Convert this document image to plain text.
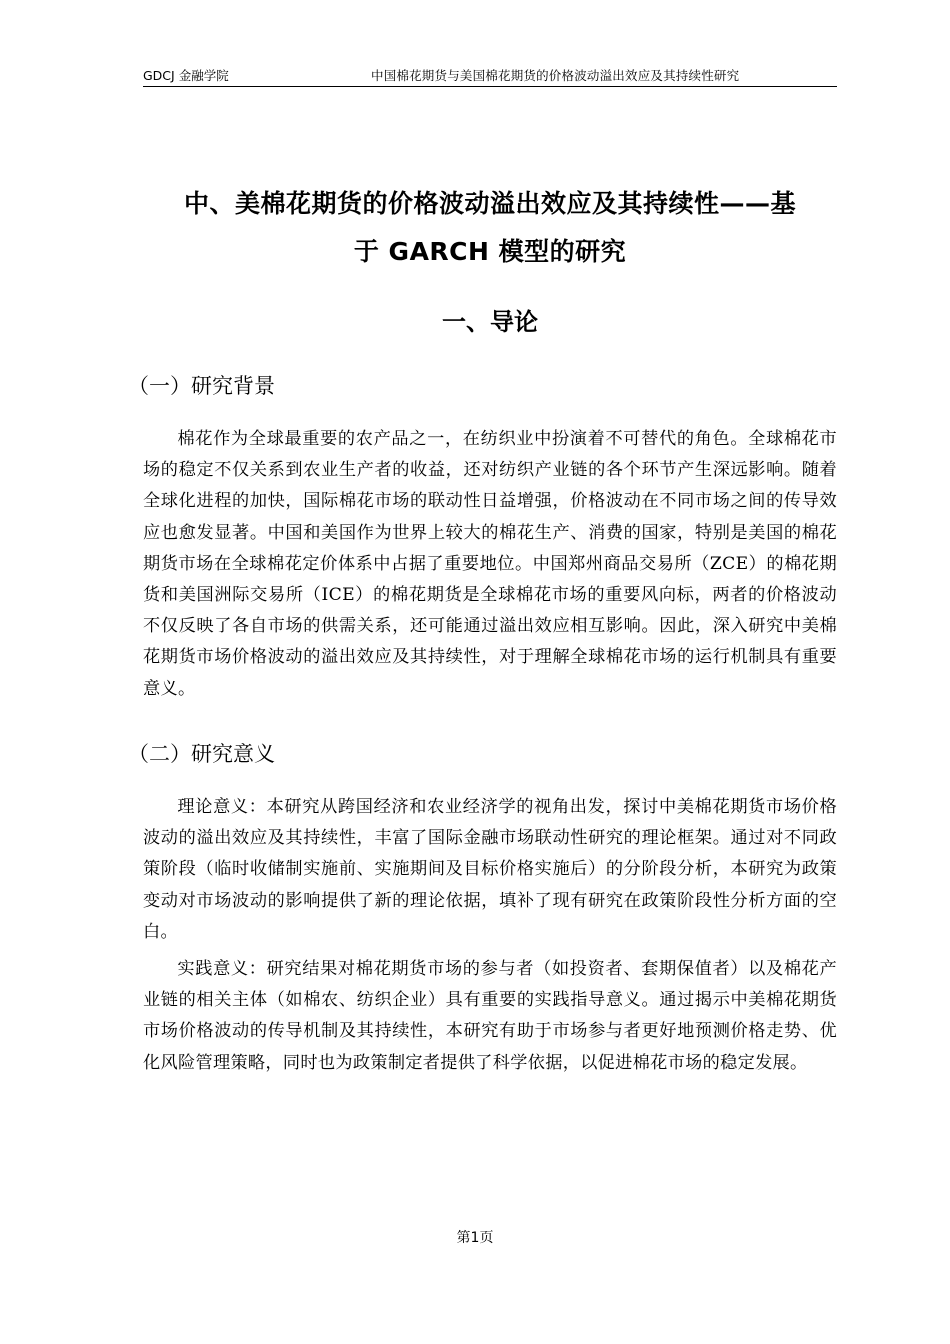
GDCJ 金融学院	中国棉花期货与美国棉花期货的价格波动溢出效应及其持续性研究
中、美棉花期货的价格波动溢出效应及其持续性——基
于 GARCH 模型的研究
一、导论
（一）研究背景

棉花作为全球最重要的农产品之一，在纺织业中扮演着不可替代的角色。全球棉花市场的稳定不仅关系到农业生产者的收益，还对纺织产业链的各个环节产生深远影响。随着全球化进程的加快，国际棉花市场的联动性日益增强，价格波动在不同市场之间的传导效应也愈发显著。中国和美国作为世界上较大的棉花生产、消费的国家，特别是美国的棉花期货市场在全球棉花定价体系中占据了重要地位。中国郑州商品交易所（ZCE）的棉花期货和美国洲际交易所（ICE）的棉花期货是全球棉花市场的重要风向标，两者的价格波动不仅反映了各自市场的供需关系，还可能通过溢出效应相互影响。因此，深入研究中美棉花期货市场价格波动的溢出效应及其持续性，对于理解全球棉花市场的运行机制具有重要意义。

（二）研究意义

理论意义：本研究从跨国经济和农业经济学的视角出发，探讨中美棉花期货市场价格波动的溢出效应及其持续性，丰富了国际金融市场联动性研究的理论框架。通过对不同政策阶段（临时收储制实施前、实施期间及目标价格实施后）的分阶段分析，本研究为政策变动对市场波动的影响提供了新的理论依据，填补了现有研究在政策阶段性分析方面的空白。

实践意义：研究结果对棉花期货市场的参与者（如投资者、套期保值者）以及棉花产业链的相关主体（如棉农、纺织企业）具有重要的实践指导意义。通过揭示中美棉花期货市场价格波动的传导机制及其持续性，本研究有助于市场参与者更好地预测价格走势、优化风险管理策略，同时也为政策制定者提供了科学依据，以促进棉花市场的稳定发展。

第1页
